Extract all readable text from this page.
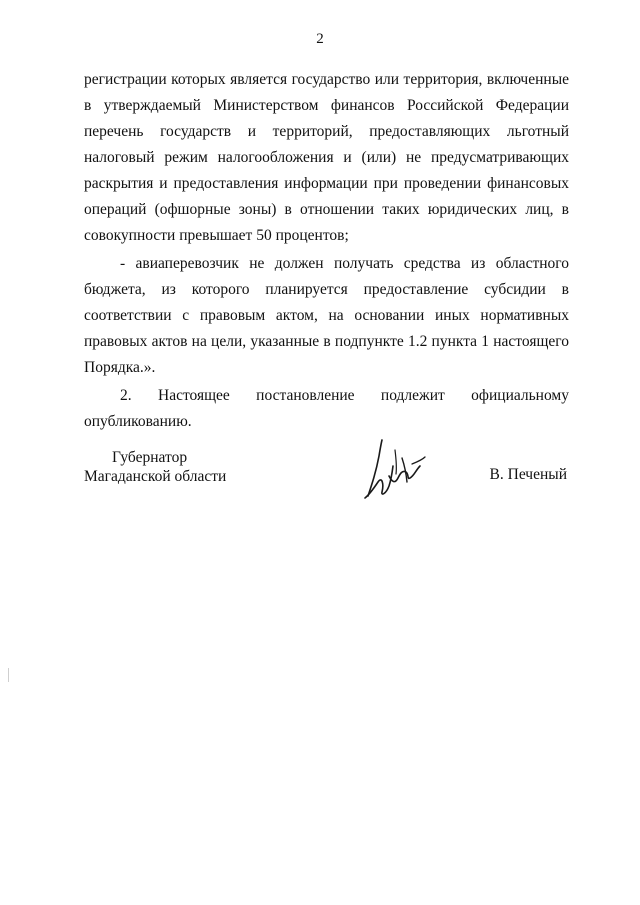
2

регистрации которых является государство или территория, включенные в утверждаемый Министерством финансов Российской Федерации перечень государств и территорий, предоставляющих льготный налоговый режим налогообложения и (или) не предусматривающих раскрытия и предоставления информации при проведении финансовых операций (офшорные зоны) в отношении таких юридических лиц, в совокупности превышает 50 процентов;

- авиаперевозчик не должен получать средства из областного бюджета, из которого планируется предоставление субсидии в соответствии с правовым актом, на основании иных нормативных правовых актов на цели, указанные в подпункте 1.2 пункта 1 настоящего Порядка.».

2. Настоящее постановление подлежит официальному опубликованию.

Губернатор
Магаданской области	В. Печеный
